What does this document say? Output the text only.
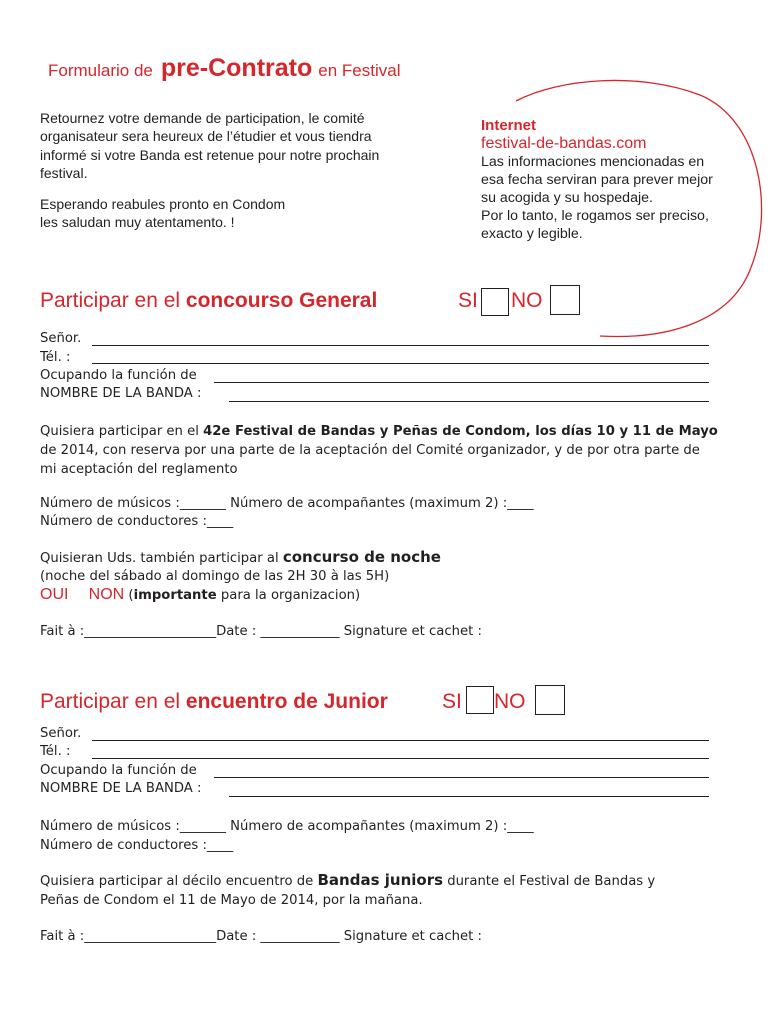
Formulario de pre-Contrato en Festival
Retournez votre demande de participation, le comité
organisateur sera heureux de l’étudier et vous tiendra
informé si votre Banda est retenue pour notre prochain
festival.
Esperando reabules pronto en Condom
les saludan muy atentamento. !
Internet
festival-de-bandas.com
Las informaciones mencionadas en
esa fecha serviran para prever mejor
su acogida y su hospedaje.
Por lo tanto, le rogamos ser preciso,
exacto y legible.
Participar en el concourso General	SI NO
Señor.
Tél. :
Ocupando la función de
NOMBRE DE LA BANDA :
Quisiera participar en el 42e Festival de Bandas y Peñas de Condom, los días 10 y 11 de Mayo
de 2014, con reserva por una parte de la aceptación del Comité organizador, y de por otra parte de
mi aceptación del reglamento
Número de músicos :_______ Número de acompañantes (maximum 2) :____
Número de conductores :____
Quisieran Uds. también participar al concurso de noche
(noche del sábado al domingo de las 2H 30 à las 5H)
OUI NON (importante para la organizacion)
Fait à :____________________Date : ____________ Signature et cachet :
Participar en el encuentro de Junior	SI NO
Señor.
Tél. :
Ocupando la función de
NOMBRE DE LA BANDA :
Número de músicos :_______ Número de acompañantes (maximum 2) :____
Número de conductores :____
Quisiera participar al décilo encuentro de Bandas juniors durante el Festival de Bandas y
Peñas de Condom el 11 de Mayo de 2014, por la mañana.
Fait à :____________________Date : ____________ Signature et cachet :
